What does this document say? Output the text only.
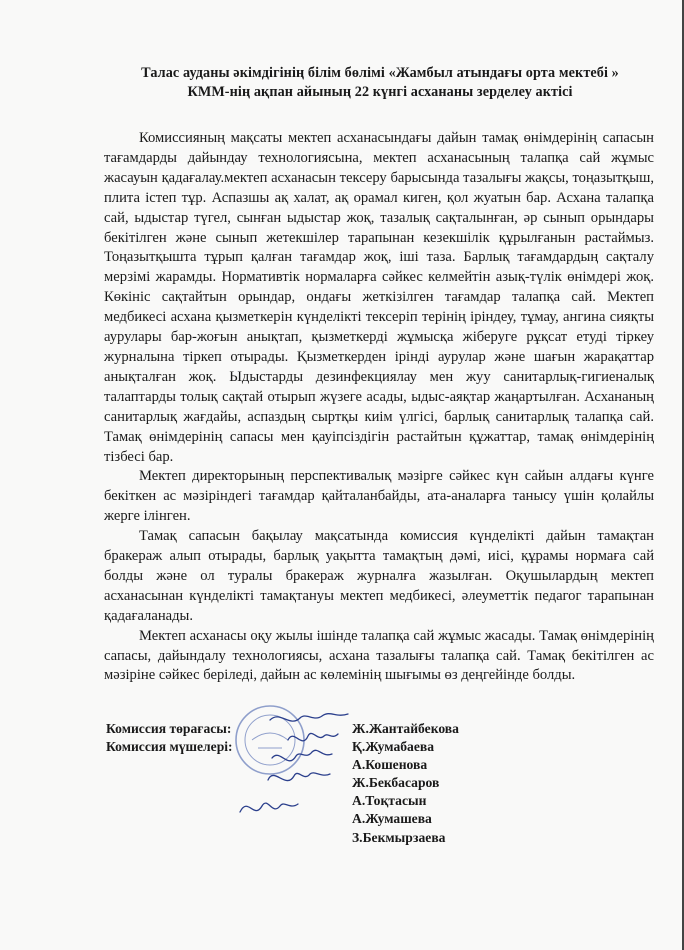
Талас ауданы әкімдігінің білім бөлімі «Жамбыл атындағы орта мектебі »
КММ-нің ақпан айының 22 күнгі асхананы зерделеу актісі

Комиссияның мақсаты мектеп асханасындағы дайын тамақ өнімдерінің сапасын тағамдарды дайындау технологиясына, мектеп асханасының талапқа сай жұмыс жасауын қадағалау.мектеп асханасын тексеру барысында тазалығы жақсы, тоңазытқыш, плита істеп тұр. Аспазшы ақ халат, ақ орамал киген, қол жуатын бар. Асхана талапқа сай, ыдыстар түгел, сынған ыдыстар жоқ, тазалық сақталынған, әр сынып орындары бекітілген және сынып жетекшілер тарапынан кезекшілік құрылғанын растаймыз. Тоңазытқышта тұрып қалған тағамдар жоқ, іші таза. Барлық тағамдардың сақталу мерзімі жарамды. Нормативтік нормаларға сәйкес келмейтін азық-түлік өнімдері жоқ. Көкініс сақтайтын орындар, ондағы жеткізілген тағамдар талапқа сай. Мектеп медбикесі асхана қызметкерін күнделікті тексеріп терінің іріндеу, тұмау, ангина сияқты аурулары бар-жоғын анықтап, қызметкерді жұмысқа жіберуге рұқсат етуді тіркеу журналына тіркеп отырады. Қызметкерден ірінді аурулар және шағын жарақаттар анықталған жоқ. Ыдыстарды дезинфекциялау мен жуу санитарлық-гигиеналық талаптарды толық сақтай отырып жүзеге асады, ыдыс-аяқтар жаңартылған. Асхананың санитарлық жағдайы, аспаздың сыртқы киім үлгісі, барлық санитарлық талапқа сай. Тамақ өнімдерінің сапасы мен қауіпсіздігін растайтын құжаттар, тамақ өнімдерінің тізбесі бар.

Мектеп директорының перспективалық мәзірге сәйкес күн сайын алдағы күнге бекіткен ас мәзіріндегі тағамдар қайталанбайды, ата-аналарға танысу үшін қолайлы жерге ілінген.

Тамақ сапасын бақылау мақсатында комиссия күнделікті дайын тамақтан бракераж алып отырады, барлық уақытта тамақтың дәмі, иісі, құрамы нормаға сай болды және ол туралы бракераж журналға жазылған. Оқушылардың мектеп асханасынан күнделікті тамақтануы мектеп медбикесі, әлеуметтік педагог тарапынан қадағаланады.

Мектеп асханасы оқу жылы ішінде талапқа сай жұмыс жасады. Тамақ өнімдерінің сапасы, дайындалу технологиясы, асхана тазалығы талапқа сай. Тамақ бекітілген ас мәзіріне сәйкес беріледі, дайын ас көлемінің шығымы өз деңгейінде болды.

Комиссия төрағасы:
Комиссия мүшелері:
Ж.Жантайбекова
Қ.Жумабаева
А.Кошенова
Ж.Бекбасаров
А.Тоқтасын
А.Жумашева
З.Бекмырзаева
